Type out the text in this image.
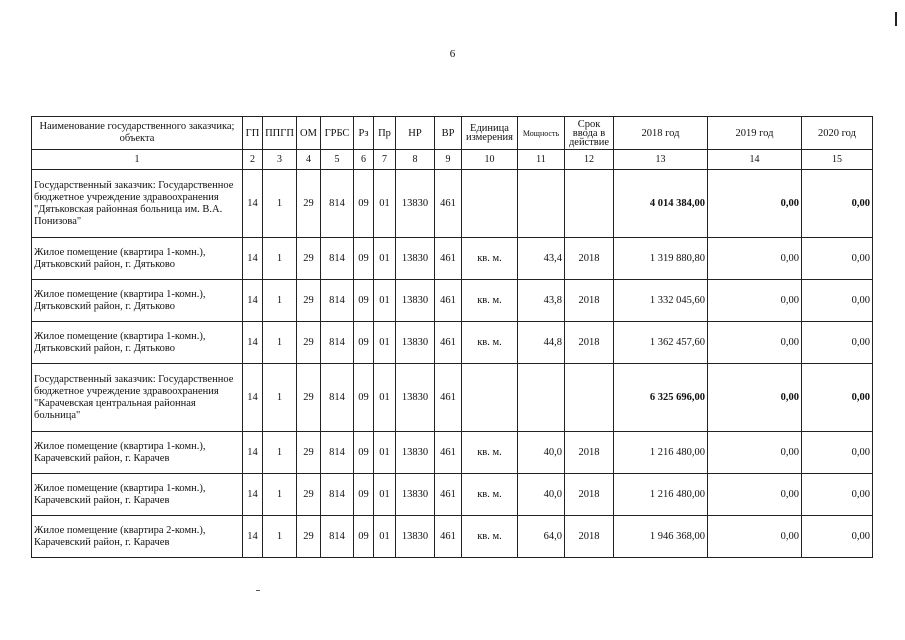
6
Наименование государственного заказчика; объекта	ГП	ППГП	ОМ	ГРБС	Рз	Пр	НР	ВР	Единица измерения	Мощность	Срок ввода в действие	2018 год	2019 год	2020 год
1	2	3	4	5	6	7	8	9	10	11	12	13	14	15
Государственный заказчик: Государственное бюджетное учреждение здравоохранения "Дятьковская районная больница им. В.А. Понизова"	14	1	29	814	09	01	13830	461				4 014 384,00	0,00	0,00
Жилое помещение (квартира 1-комн.), Дятьковский район, г. Дятьково	14	1	29	814	09	01	13830	461	кв. м.	43,4	2018	1 319 880,80	0,00	0,00
Жилое помещение (квартира 1-комн.), Дятьковский район, г. Дятьково	14	1	29	814	09	01	13830	461	кв. м.	43,8	2018	1 332 045,60	0,00	0,00
Жилое помещение (квартира 1-комн.), Дятьковский район, г. Дятьково	14	1	29	814	09	01	13830	461	кв. м.	44,8	2018	1 362 457,60	0,00	0,00
Государственный заказчик: Государственное бюджетное учреждение здравоохранения "Карачевская центральная районная больница"	14	1	29	814	09	01	13830	461				6 325 696,00	0,00	0,00
Жилое помещение (квартира 1-комн.), Карачевский район, г. Карачев	14	1	29	814	09	01	13830	461	кв. м.	40,0	2018	1 216 480,00	0,00	0,00
Жилое помещение (квартира 1-комн.), Карачевский район, г. Карачев	14	1	29	814	09	01	13830	461	кв. м.	40,0	2018	1 216 480,00	0,00	0,00
Жилое помещение (квартира 2-комн.), Карачевский район, г. Карачев	14	1	29	814	09	01	13830	461	кв. м.	64,0	2018	1 946 368,00	0,00	0,00
